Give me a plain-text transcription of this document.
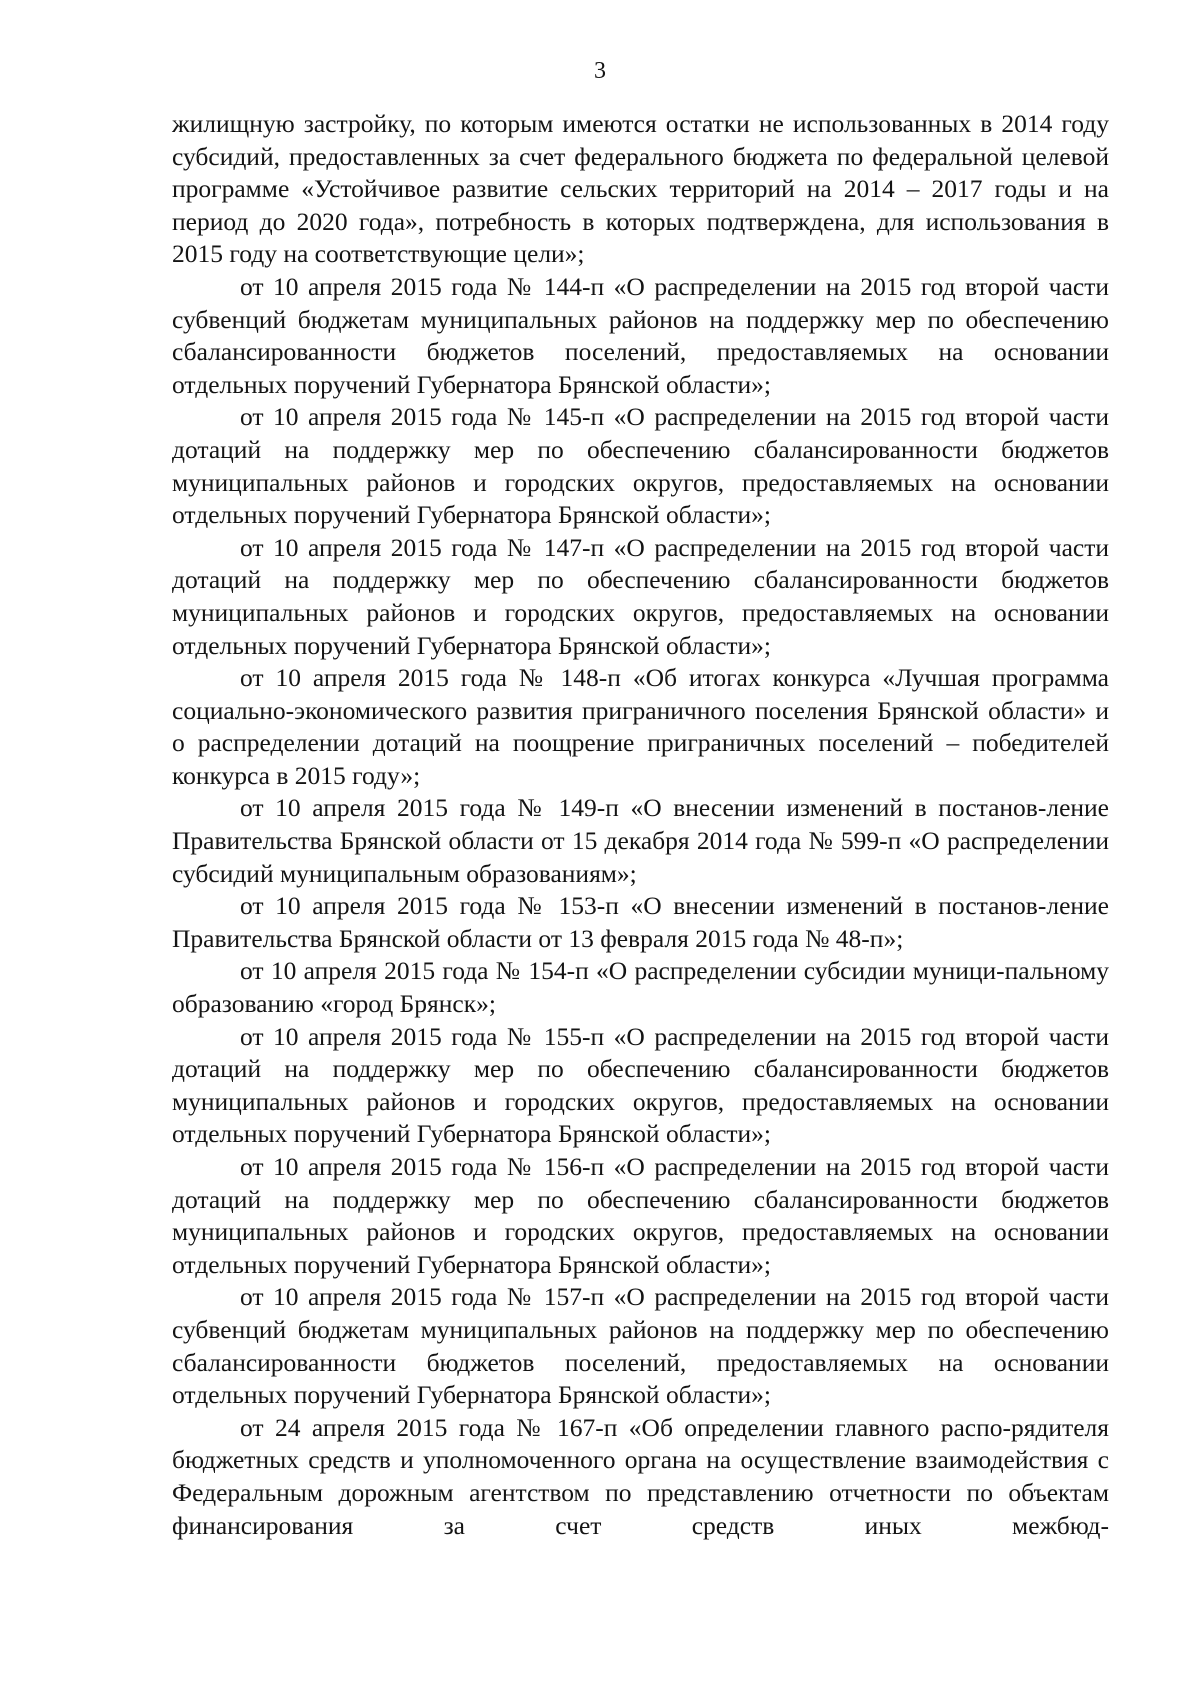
3

жилищную застройку, по которым имеются остатки не использованных в 2014 году субсидий, предоставленных за счет федерального бюджета по федеральной целевой программе «Устойчивое развитие сельских территорий на 2014 – 2017 годы и на период до 2020 года», потребность в которых подтверждена, для использования в 2015 году на соответствующие цели»;

от 10 апреля 2015 года № 144-п «О распределении на 2015 год второй части субвенций бюджетам муниципальных районов на поддержку мер по обеспечению сбалансированности бюджетов поселений, предоставляемых на основании отдельных поручений Губернатора Брянской области»;

от 10 апреля 2015 года № 145-п «О распределении на 2015 год второй части дотаций на поддержку мер по обеспечению сбалансированности бюджетов муниципальных районов и городских округов, предоставляемых на основании отдельных поручений Губернатора Брянской области»;

от 10 апреля 2015 года № 147-п «О распределении на 2015 год второй части дотаций на поддержку мер по обеспечению сбалансированности бюджетов муниципальных районов и городских округов, предоставляемых на основании отдельных поручений Губернатора Брянской области»;

от 10 апреля 2015 года № 148-п «Об итогах конкурса «Лучшая программа социально-экономического развития приграничного поселения Брянской области» и о распределении дотаций на поощрение приграничных поселений – победителей конкурса в 2015 году»;

от 10 апреля 2015 года № 149-п «О внесении изменений в постанов-ление Правительства Брянской области от 15 декабря 2014 года № 599-п «О распределении субсидий муниципальным образованиям»;

от 10 апреля 2015 года № 153-п «О внесении изменений в постанов-ление Правительства Брянской области от 13 февраля 2015 года № 48-п»;

от 10 апреля 2015 года № 154-п «О распределении субсидии муници-пальному образованию «город Брянск»;

от 10 апреля 2015 года № 155-п «О распределении на 2015 год второй части дотаций на поддержку мер по обеспечению сбалансированности бюджетов муниципальных районов и городских округов, предоставляемых на основании отдельных поручений Губернатора Брянской области»;

от 10 апреля 2015 года № 156-п «О распределении на 2015 год второй части дотаций на поддержку мер по обеспечению сбалансированности бюджетов муниципальных районов и городских округов, предоставляемых на основании отдельных поручений Губернатора Брянской области»;

от 10 апреля 2015 года № 157-п «О распределении на 2015 год второй части субвенций бюджетам муниципальных районов на поддержку мер по обеспечению сбалансированности бюджетов поселений, предоставляемых на основании отдельных поручений Губернатора Брянской области»;

от 24 апреля 2015 года № 167-п «Об определении главного распо-рядителя бюджетных средств и уполномоченного органа на осуществление взаимодействия с Федеральным дорожным агентством по представлению отчетности по объектам финансирования за счет средств иных межбюд-
